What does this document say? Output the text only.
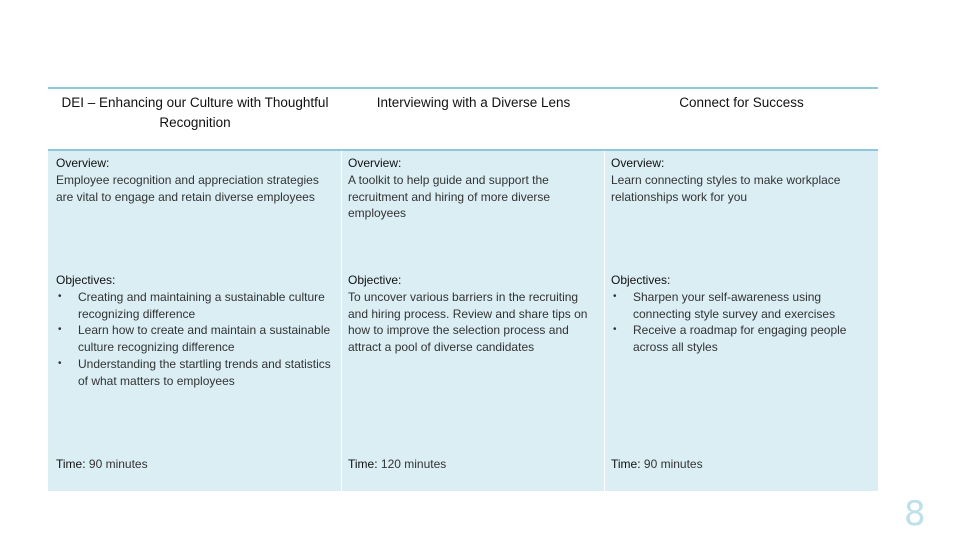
DEI – Enhancing our Culture with Thoughtful Recognition
Interviewing with a Diverse Lens	Connect for Success
Overview:
Employee recognition and appreciation strategies are vital to engage and retain diverse employees
Objectives:
• Creating and maintaining a sustainable culture recognizing difference
• Learn how to create and maintain a sustainable culture recognizing difference
• Understanding the startling trends and statistics of what matters to employees
Time: 90 minutes
Overview:
A toolkit to help guide and support the recruitment and hiring of more diverse employees
Objective:
To uncover various barriers in the recruiting and hiring process. Review and share tips on how to improve the selection process and attract a pool of diverse candidates
Time: 120 minutes
Overview:
Learn connecting styles to make workplace relationships work for you
Objectives:
• Sharpen your self-awareness using connecting style survey and exercises
• Receive a roadmap for engaging people across all styles
Time: 90 minutes
8
